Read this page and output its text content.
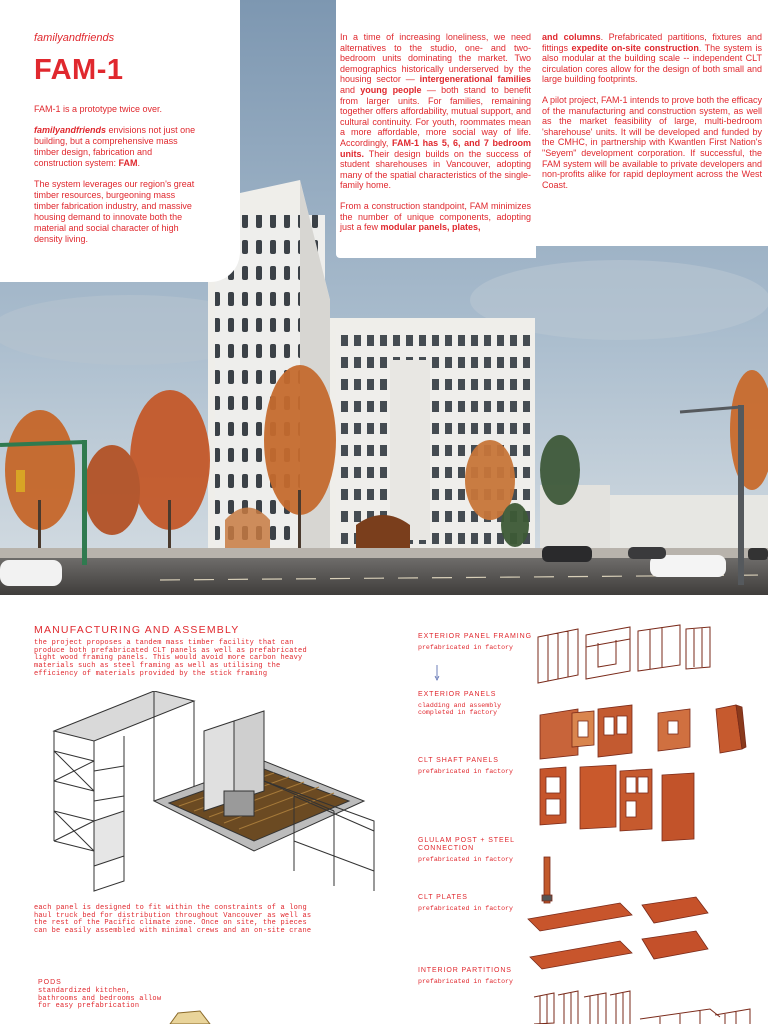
familyandfriends
FAM-1

FAM-1 is a prototype twice over.

familyandfriends envisions not just one building, but a comprehensive mass timber design, fabrication and construction system: FAM.

The system leverages our region's great timber resources, burgeoning mass timber fabrication industry, and massive housing demand to innovate both the material and social character of high density living.

In a time of increasing loneliness, we need alternatives to the studio, one- and two-bedroom units dominating the market. Two demographics historically underserved by the housing sector — intergenerational families and young people — both stand to benefit from larger units. For families, remaining together offers affordability, mutual support, and cultural continuity. For youth, roommates mean a more affordable, more social way of life. Accordingly, FAM-1 has 5, 6, and 7 bedroom units. Their design builds on the success of student sharehouses in Vancouver, adopting many of the spatial characteristics of the single-family home.

From a construction standpoint, FAM minimizes the number of unique components, adopting just a few modular panels, plates,

and columns. Prefabricated partitions, fixtures and fittings expedite on-site construction. The system is also modular at the building scale -- independent CLT circulation cores allow for the design of both small and large building footprints.

A pilot project, FAM-1 intends to prove both the efficacy of the manufacturing and construction system, as well as the market feasibility of large, multi-bedroom 'sharehouse' units. It will be developed and funded by the CMHC, in partnership with Kwantlen First Nation's "Seyem" development corporation. If successful, the FAM system will be available to private developers and non-profits alike for rapid deployment across the West Coast.

MANUFACTURING AND ASSEMBLY
the project proposes a tandem mass timber facility that can produce both prefabricated CLT panels as well as prefabricated light wood framing panels. This would avoid more carbon heavy materials such as steel framing as well as utilising the efficiency of materials provided by the stick framing
each panel is designed to fit within the constraints of a long haul truck bed for distribution throughout Vancouver as well as the rest of the Pacific climate zone. Once on site, the pieces can be easily assembled with minimal crews and an on-site crane
PODS
standardized kitchen, bathrooms and bedrooms allow for easy prefabrication
EXTERIOR PANEL FRAMING
prefabricated in factory
EXTERIOR PANELS
cladding and assembly completed in factory
CLT SHAFT PANELS
prefabricated in factory
GLULAM POST + STEEL CONNECTION
prefabricated in factory
CLT PLATES
prefabricated in factory
INTERIOR PARTITIONS
prefabricated in factory
